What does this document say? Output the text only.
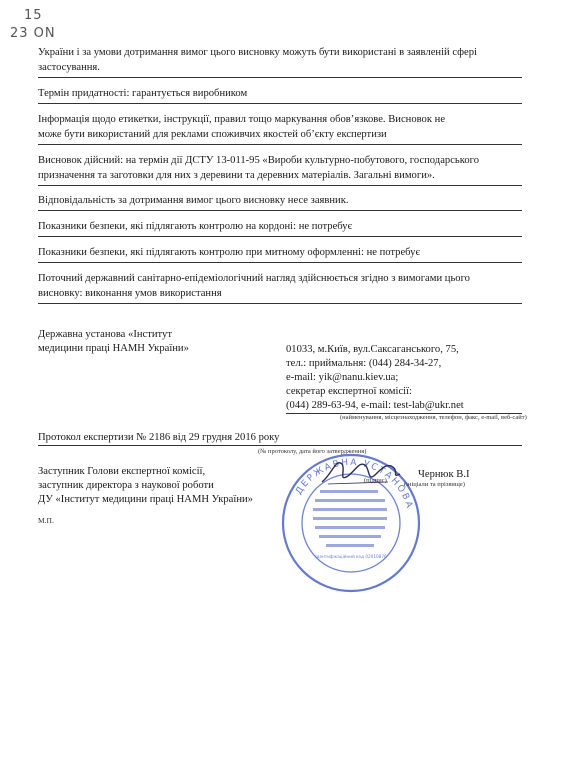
15
23 ON
України і за умови дотримання вимог цього висновку можуть бути використані в заявленій сфері
застосування.
Термін придатності: гарантується виробником
Інформація щодо етикетки, інструкції, правил тощо маркування обов’язкове. Висновок не
може бути використаний для реклами споживчих якостей об’єкту експертизи
Висновок дійсний: на термін дії ДСТУ 13-011-95 «Вироби культурно-побутового, господарського
призначення та заготовки для них з деревини та деревних матеріалів. Загальні вимоги».
Відповідальність за дотримання вимог цього висновку несе заявник.
Показники безпеки, які підлягають контролю на кордоні: не потребує
Показники безпеки, які підлягають контролю при митному оформленні: не потребує
Поточний державний санітарно-епідеміологічний нагляд здійснюється згідно з вимогами цього
висновку: виконання умов використання
Державна установа «Інститут
медицини праці НАМН України»	01033, м.Київ, вул.Саксаганського, 75,
тел.: приймальня: (044) 284-34-27,
e-mail: yik@nanu.kiev.ua;
секретар експертної комісії:
(044) 289-63-94, e-mail: test-lab@ukr.net
(найменування, місцезнаходження, телефон, факс, e-mail, веб-сайт)
Протокол експертизи № 2186 від 29 грудня 2016 року
(№ протоколу, дата його затвердження)
Заступник Голови експертної комісії,
заступник директора з наукової роботи
ДУ «Інститут медицини праці НАМН України»
М.П.
ДЕРЖАВНА УСТАНОВА
Ідентифікаційний код 02010876
(підпис)
Чернюк В.І
(ініціали та прізвище)
